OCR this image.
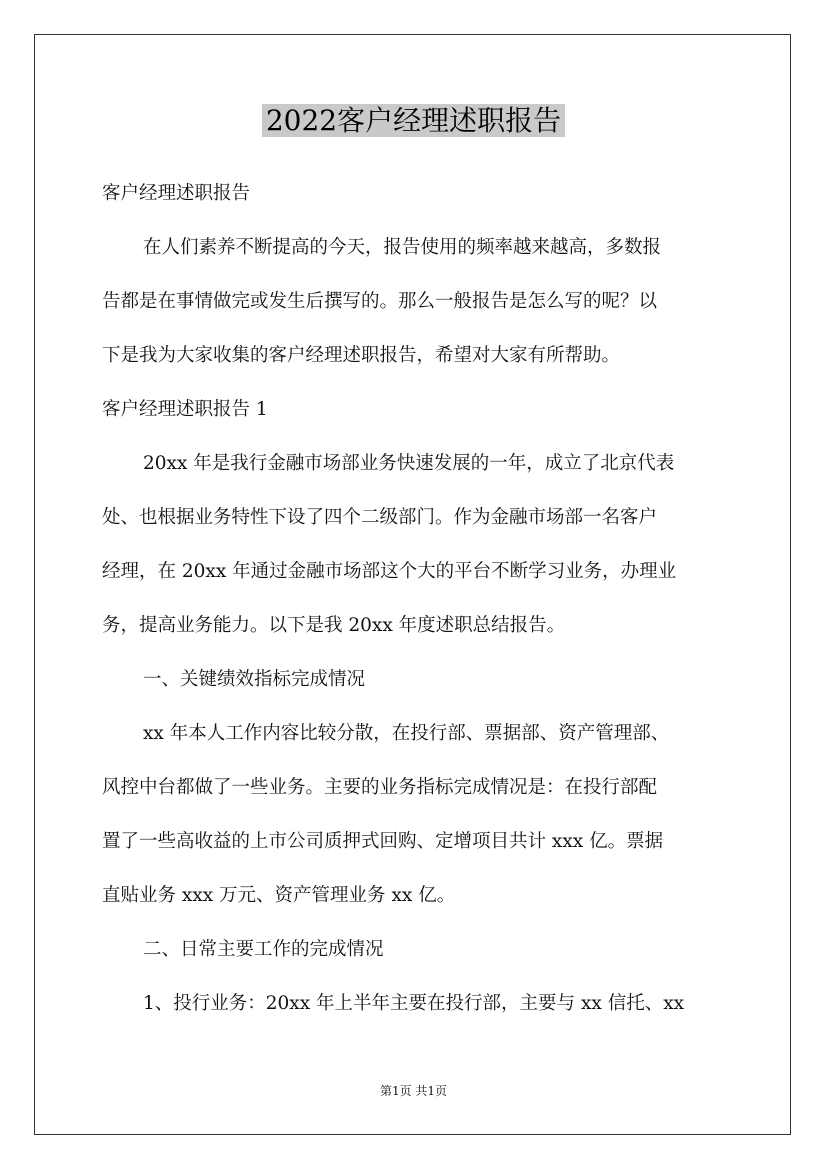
2022客户经理述职报告
客户经理述职报告
在人们素养不断提高的今天，报告使用的频率越来越高，多数报
告都是在事情做完或发生后撰写的。那么一般报告是怎么写的呢？以
下是我为大家收集的客户经理述职报告，希望对大家有所帮助。
客户经理述职报告 1
20xx 年是我行金融市场部业务快速发展的一年，成立了北京代表
处、也根据业务特性下设了四个二级部门。作为金融市场部一名客户
经理，在 20xx 年通过金融市场部这个大的平台不断学习业务，办理业
务，提高业务能力。以下是我 20xx 年度述职总结报告。
一、关键绩效指标完成情况
xx 年本人工作内容比较分散，在投行部、票据部、资产管理部、
风控中台都做了一些业务。主要的业务指标完成情况是：在投行部配
置了一些高收益的上市公司质押式回购、定增项目共计 xxx 亿。票据
直贴业务 xxx 万元、资产管理业务 xx 亿。
二、日常主要工作的完成情况
1、投行业务：20xx 年上半年主要在投行部，主要与 xx 信托、xx
第1页 共1页
